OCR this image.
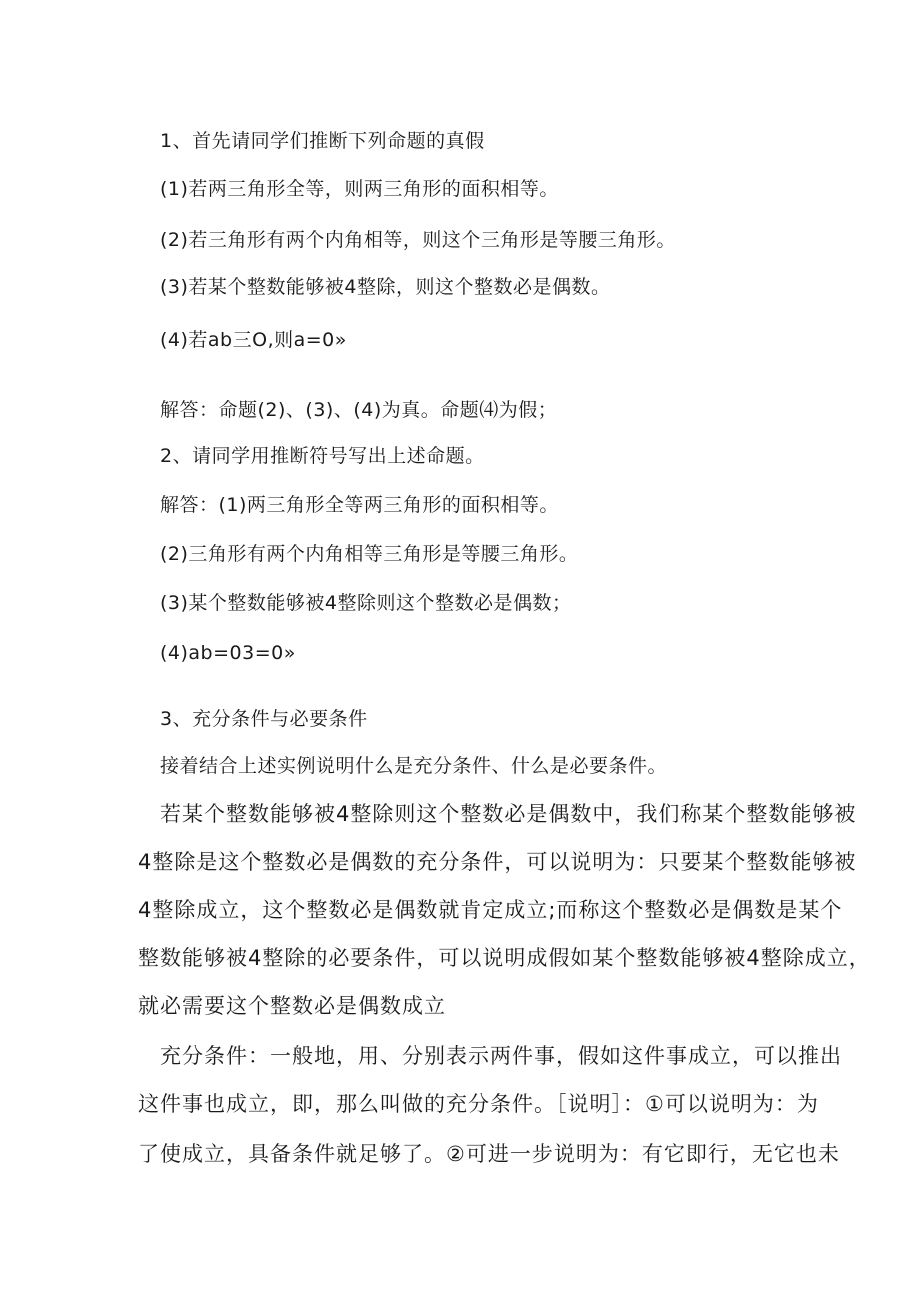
1、首先请同学们推断下列命题的真假
(1)若两三角形全等，则两三角形的面积相等。
(2)若三角形有两个内角相等，则这个三角形是等腰三角形。
(3)若某个整数能够被4整除，则这个整数必是偶数。
(4)若ab三O,则a=0»
解答：命题(2)、(3)、(4)为真。命题⑷为假；
2、请同学用推断符号写出上述命题。
解答：(1)两三角形全等两三角形的面积相等。
(2)三角形有两个内角相等三角形是等腰三角形。
(3)某个整数能够被4整除则这个整数必是偶数；
(4)ab=03=0»
3、充分条件与必要条件
接着结合上述实例说明什么是充分条件、什么是必要条件。
若某个整数能够被4整除则这个整数必是偶数中，我们称某个整数能够被
4整除是这个整数必是偶数的充分条件，可以说明为：只要某个整数能够被
4整除成立，这个整数必是偶数就肯定成立;而称这个整数必是偶数是某个
整数能够被4整除的必要条件，可以说明成假如某个整数能够被4整除成立，
就必需要这个整数必是偶数成立
充分条件：一般地，用、分别表示两件事，假如这件事成立，可以推出
这件事也成立，即，那么叫做的充分条件。［说明］：①可以说明为：为
了使成立，具备条件就足够了。②可进一步说明为：有它即行，无它也未
